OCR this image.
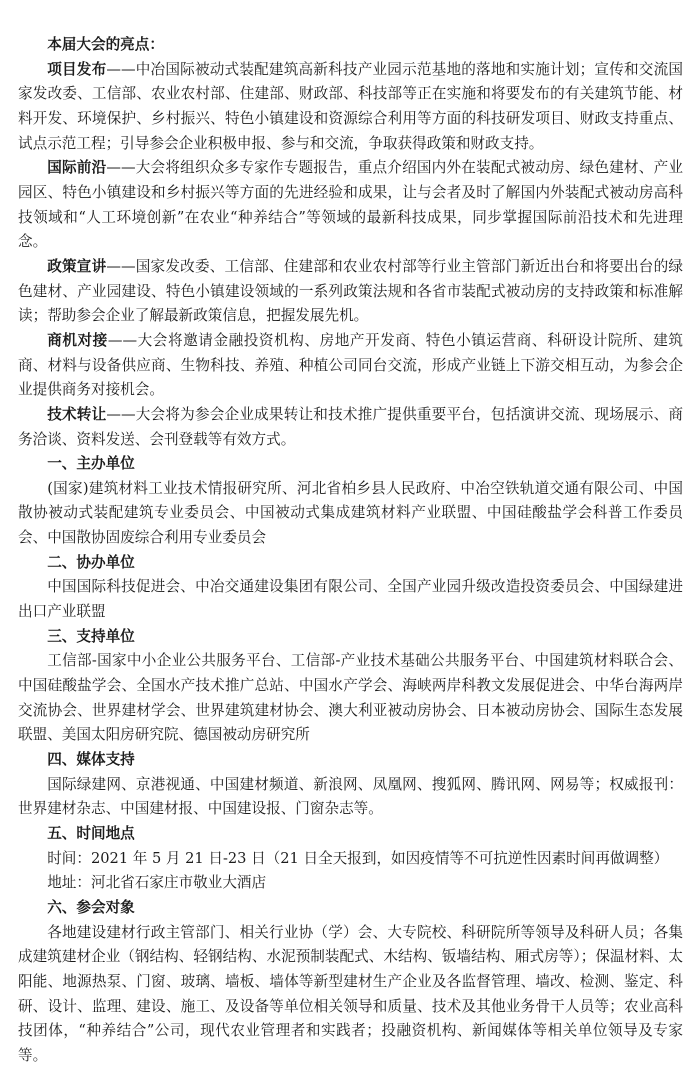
本届大会的亮点：

项目发布——中冶国际被动式装配建筑高新科技产业园示范基地的落地和实施计划；宣传和交流国家发改委、工信部、农业农村部、住建部、财政部、科技部等正在实施和将要发布的有关建筑节能、材料开发、环境保护、乡村振兴、特色小镇建设和资源综合利用等方面的科技研发项目、财政支持重点、试点示范工程；引导参会企业积极申报、参与和交流，争取获得政策和财政支持。

国际前沿——大会将组织众多专家作专题报告，重点介绍国内外在装配式被动房、绿色建材、产业园区、特色小镇建设和乡村振兴等方面的先进经验和成果，让与会者及时了解国内外装配式被动房高科技领域和“人工环境创新”在农业“种养结合”等领域的最新科技成果，同步掌握国际前沿技术和先进理念。

政策宣讲——国家发改委、工信部、住建部和农业农村部等行业主管部门新近出台和将要出台的绿色建材、产业园建设、特色小镇建设领域的一系列政策法规和各省市装配式被动房的支持政策和标准解读；帮助参会企业了解最新政策信息，把握发展先机。

商机对接——大会将邀请金融投资机构、房地产开发商、特色小镇运营商、科研设计院所、建筑商、材料与设备供应商、生物科技、养殖、种植公司同台交流，形成产业链上下游交相互动，为参会企业提供商务对接机会。

技术转让——大会将为参会企业成果转让和技术推广提供重要平台，包括演讲交流、现场展示、商务洽谈、资料发送、会刊登载等有效方式。

一、主办单位

(国家)建筑材料工业技术情报研究所、河北省柏乡县人民政府、中冶空铁轨道交通有限公司、中国散协被动式装配建筑专业委员会、中国被动式集成建筑材料产业联盟、中国硅酸盐学会科普工作委员会、中国散协固废综合利用专业委员会

二、协办单位

中国国际科技促进会、中冶交通建设集团有限公司、全国产业园升级改造投资委员会、中国绿建进出口产业联盟

三、支持单位

工信部-国家中小企业公共服务平台、工信部-产业技术基础公共服务平台、中国建筑材料联合会、中国硅酸盐学会、全国水产技术推广总站、中国水产学会、海峡两岸科教文发展促进会、中华台海两岸交流协会、世界建材学会、世界建筑建材协会、澳大利亚被动房协会、日本被动房协会、国际生态发展联盟、美国太阳房研究院、德国被动房研究所

四、媒体支持

国际绿建网、京港视通、中国建材频道、新浪网、凤凰网、搜狐网、腾讯网、网易等；权威报刊：世界建材杂志、中国建材报、中国建设报、门窗杂志等。

五、时间地点

时间：2021 年 5 月 21 日-23 日（21 日全天报到，如因疫情等不可抗逆性因素时间再做调整）

地址：河北省石家庄市敬业大酒店

六、参会对象

各地建设建材行政主管部门、相关行业协（学）会、大专院校、科研院所等领导及科研人员；各集成建筑建材企业（钢结构、轻钢结构、水泥预制装配式、木结构、钣墙结构、厢式房等）；保温材料、太阳能、地源热泵、门窗、玻璃、墙板、墙体等新型建材生产企业及各监督管理、墙改、检测、鉴定、科研、设计、监理、建设、施工、及设备等单位相关领导和质量、技术及其他业务骨干人员等；农业高科技团体，“种养结合”公司，现代农业管理者和实践者；投融资机构、新闻媒体等相关单位领导及专家等。
